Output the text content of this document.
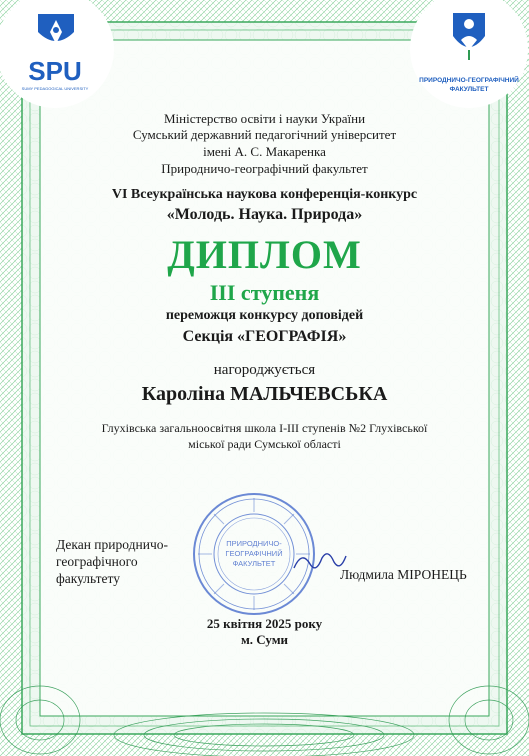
SPU
SUMY PEDAGOGICAL UNIVERSITY
ПРИРОДНИЧО-ГЕОГРАФІЧНИЙ ФАКУЛЬТЕТ
Міністерство освіти і науки України
Сумський державний педагогічний університет
імені А. С. Макаренка
Природничо-географічний факультет
VI Всеукраїнська наукова конференція-конкурс
«Молодь. Наука. Природа»
ДИПЛОМ
ІІІ ступеня
переможця конкурсу доповідей
Секція «ГЕОГРАФІЯ»
нагороджується
Кароліна МАЛЬЧЕВСЬКА
Глухівська загальноосвітня школа І-ІІІ ступенів №2 Глухівської
міської ради Сумської області
ПРИРОДНИЧО-
ГЕОГРАФІЧНИЙ
ФАКУЛЬТЕТ
Декан природничо-
географічного
факультету	Людмила МІРОНЕЦЬ
25 квітня 2025 року
м. Суми
